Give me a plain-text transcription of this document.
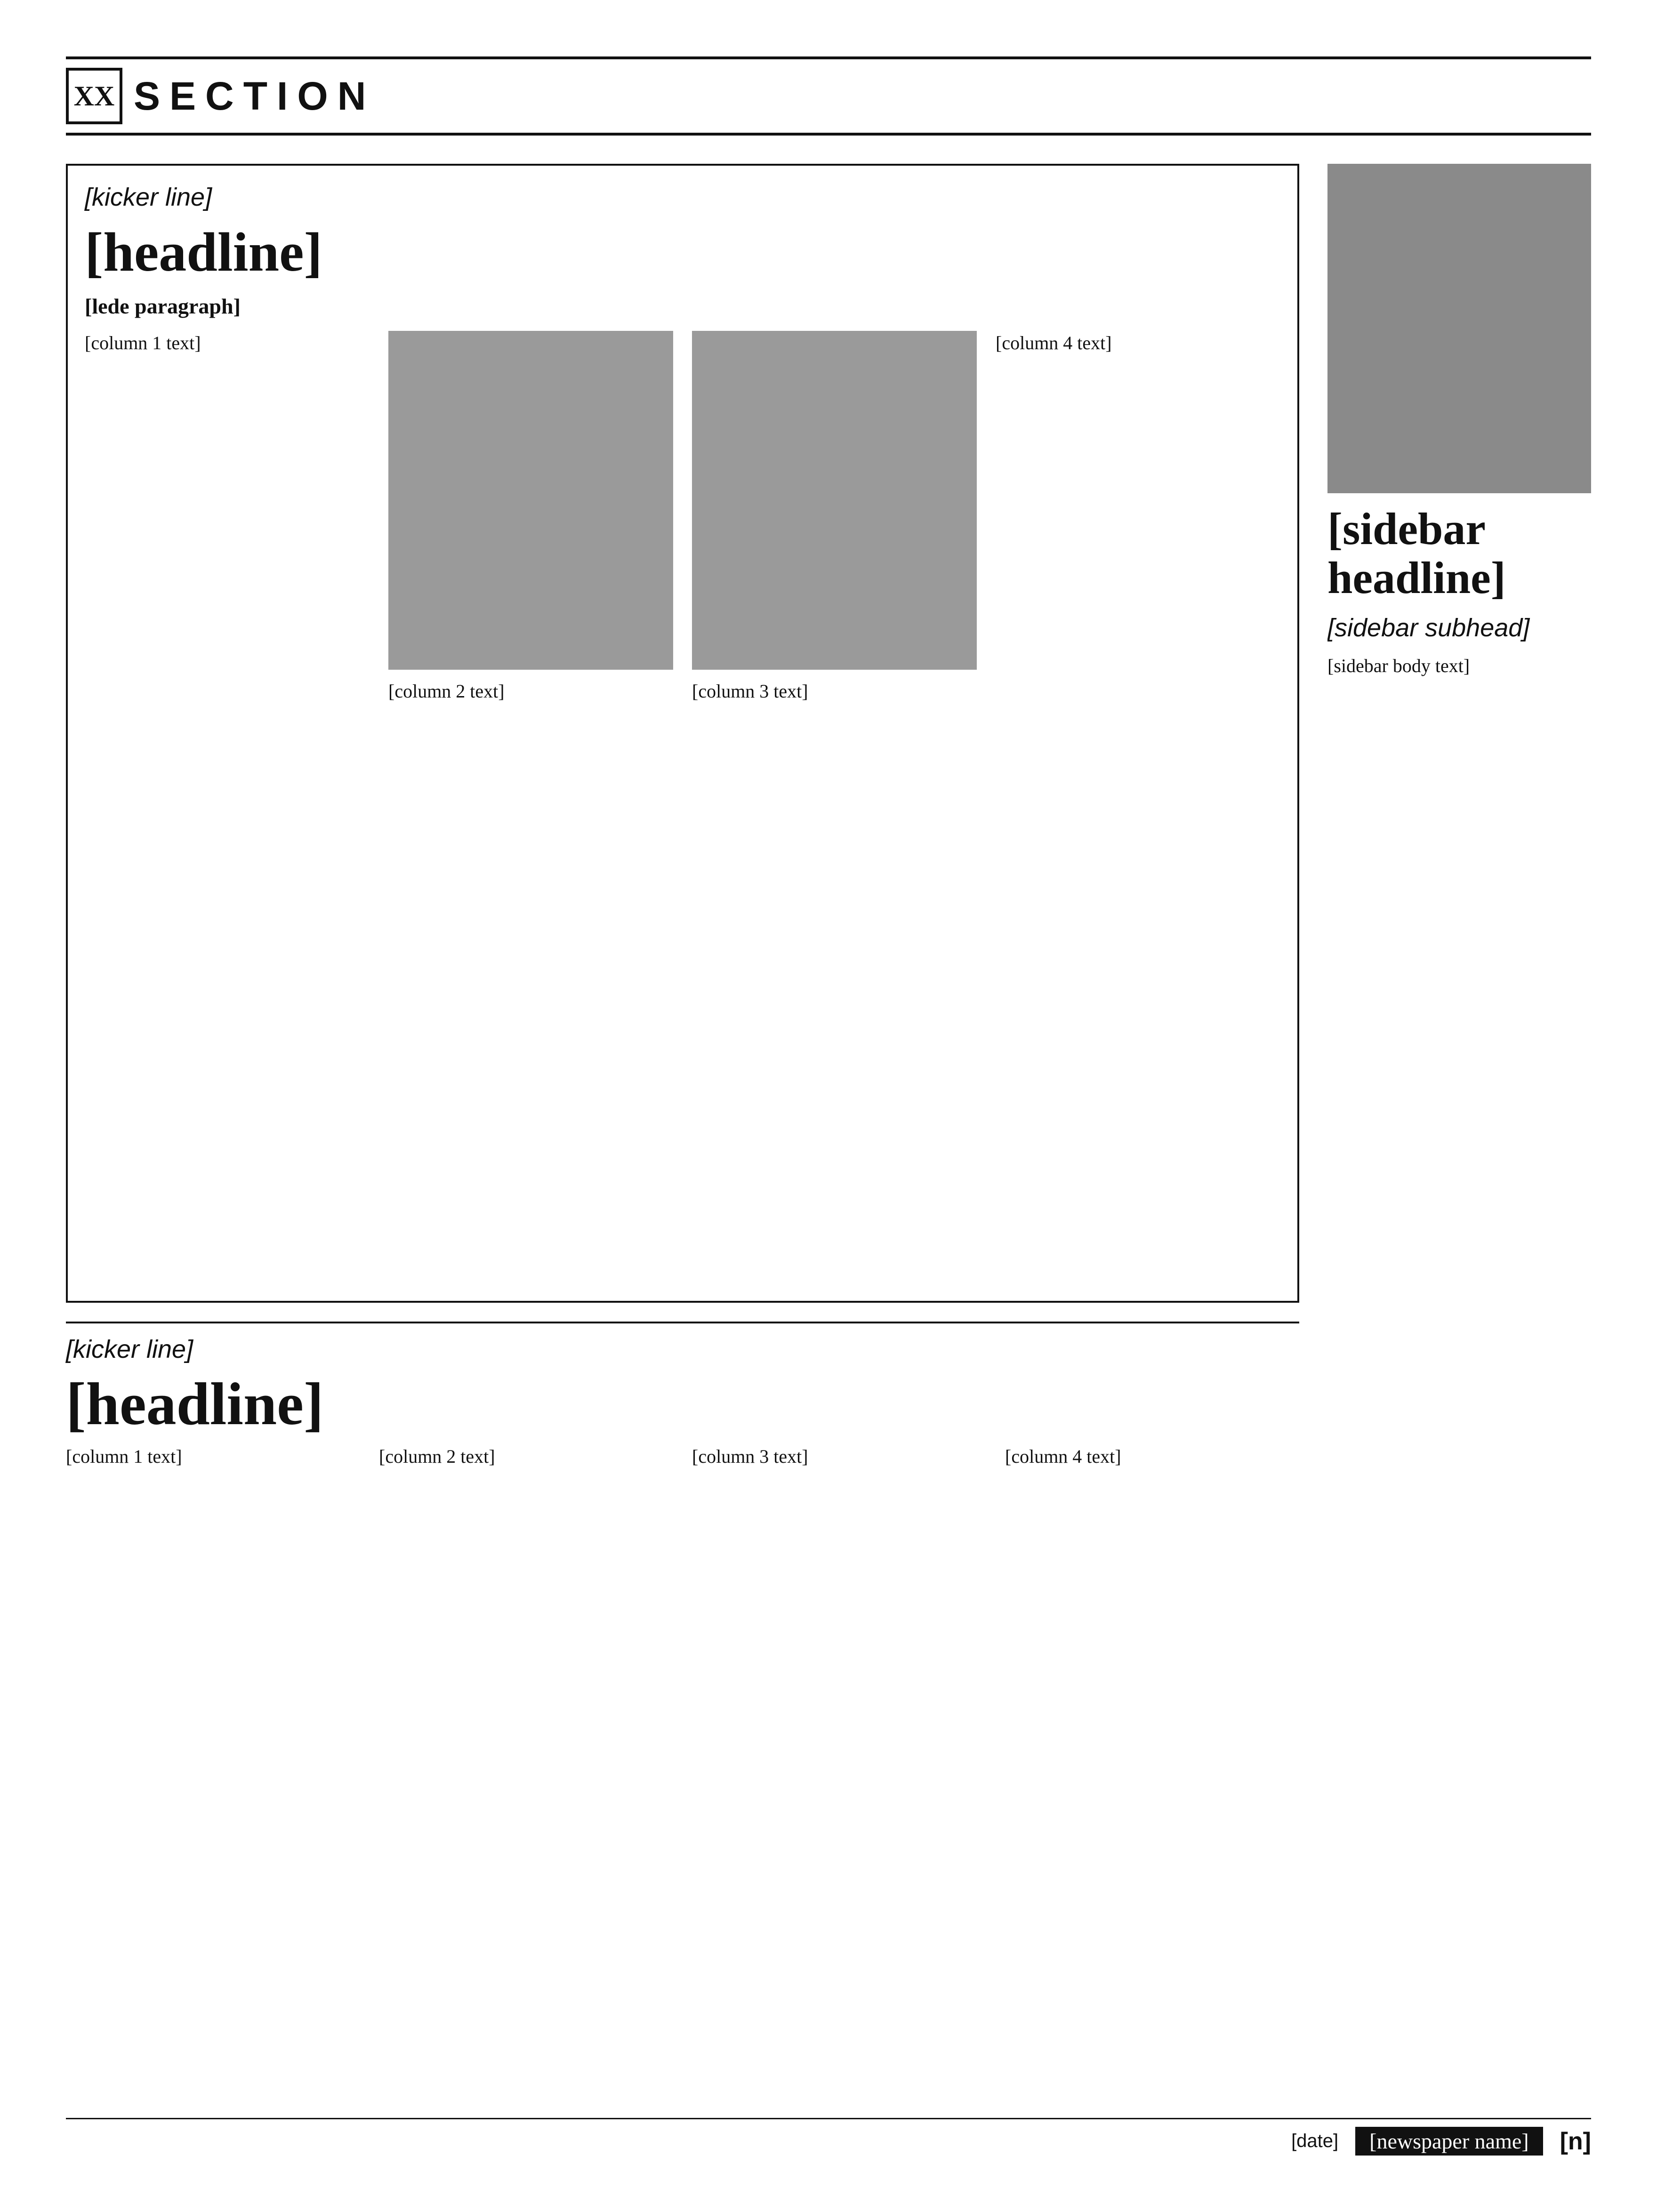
XX SECTION
[kicker line]
[headline]
[lede paragraph]
[column 1 text]
[column 2 text]	[column 3 text]
[column 4 text]
[kicker line]
[headline]
[column 1 text]	[column 2 text]	[column 3 text]	[column 4 text]
[sidebar headline]
[sidebar subhead]
[sidebar body text]
[date]	[newspaper name]	[n]
